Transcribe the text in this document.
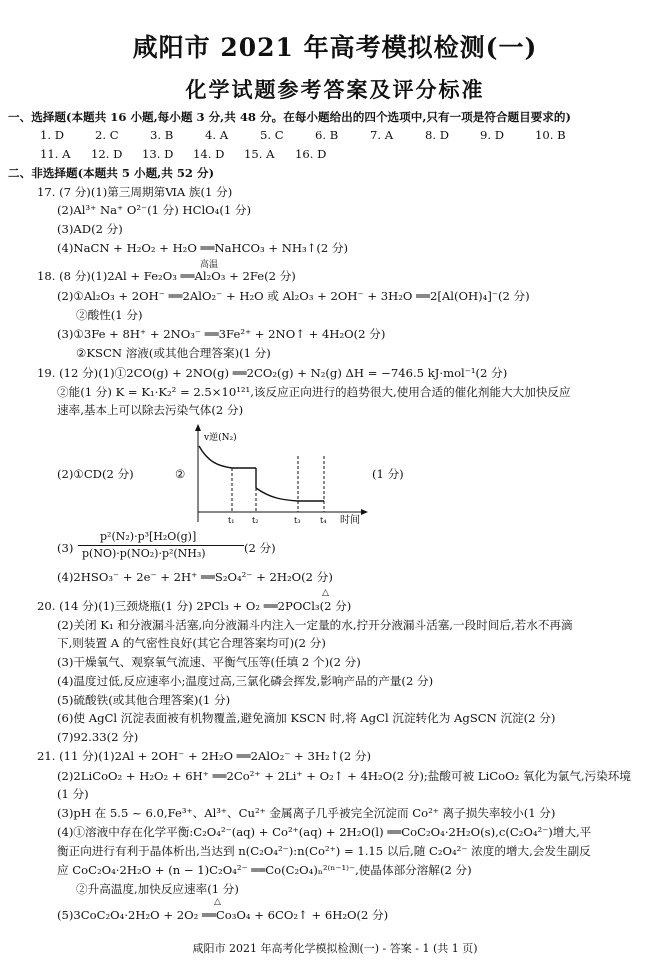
咸阳市 2021 年高考模拟检测(一)
化学试题参考答案及评分标准
一、选择题(本题共 16 小题,每小题 3 分,共 48 分。在每小题给出的四个选项中,只有一项是符合题目要求的)
1. D	2. C	3. B	4. A	5. C	6. B	7. A	8. D	9. D	10. B
11. A 12. D 13. D 14. D 15. A 16. D
二、非选择题(本题共 5 小题,共 52 分)
17. (7 分)(1)第三周期第ⅥA 族(1 分)
(2)Al³⁺ Na⁺ O²⁻(1 分) HClO₄(1 分)
(3)AD(2 分)
(4)NaCN + H₂O₂ + H₂O ══NaHCO₃ + NH₃↑(2 分)
高温
18. (8 分)(1)2Al + Fe₂O₃ ══Al₂O₃ + 2Fe(2 分)
(2)①Al₂O₃ + 2OH⁻ ══2AlO₂⁻ + H₂O 或 Al₂O₃ + 2OH⁻ + 3H₂O ══2[Al(OH)₄]⁻(2 分)
②酸性(1 分)
(3)①3Fe + 8H⁺ + 2NO₃⁻ ══3Fe²⁺ + 2NO↑ + 4H₂O(2 分)
②KSCN 溶液(或其他合理答案)(1 分)
19. (12 分)(1)①2CO(g) + 2NO(g) ══2CO₂(g) + N₂(g) ΔH = −746.5 kJ·mol⁻¹(2 分)
②能(1 分) K = K₁·K₂² = 2.5×10¹²¹,该反应正向进行的趋势很大,使用合适的催化剂能大大加快反应
速率,基本上可以除去污染气体(2 分)
(2)①CD(2 分)	②	(1 分)
v逆(N₂)
t₁ t₂	t₃ t₄ 时间
(3)
p²(N₂)·p³[H₂O(g)]
p(NO)·p(NO₂)·p²(NH₃)	(2 分)
(4)2HSO₃⁻ + 2e⁻ + 2H⁺ ══S₂O₄²⁻ + 2H₂O(2 分)
△
20. (14 分)(1)三颈烧瓶(1 分) 2PCl₃ + O₂ ══2POCl₃(2 分)
(2)关闭 K₁ 和分液漏斗活塞,向分液漏斗内注入一定量的水,拧开分液漏斗活塞,一段时间后,若水不再滴
下,则装置 A 的气密性良好(其它合理答案均可)(2 分)
(3)干燥氧气、观察氧气流速、平衡气压等(任填 2 个)(2 分)
(4)温度过低,反应速率小;温度过高,三氯化磷会挥发,影响产品的产量(2 分)
(5)硫酸铁(或其他合理答案)(1 分)
(6)使 AgCl 沉淀表面被有机物覆盖,避免滴加 KSCN 时,将 AgCl 沉淀转化为 AgSCN 沉淀(2 分)
(7)92.33(2 分)
21. (11 分)(1)2Al + 2OH⁻ + 2H₂O ══2AlO₂⁻ + 3H₂↑(2 分)
(2)2LiCoO₂ + H₂O₂ + 6H⁺ ══2Co²⁺ + 2Li⁺ + O₂↑ + 4H₂O(2 分);盐酸可被 LiCoO₂ 氧化为氯气,污染环境
(1 分)
(3)pH 在 5.5 ~ 6.0,Fe³⁺、Al³⁺、Cu²⁺ 金属离子几乎被完全沉淀而 Co²⁺ 离子损失率较小(1 分)
(4)①溶液中存在化学平衡:C₂O₄²⁻(aq) + Co²⁺(aq) + 2H₂O(l) ══CoC₂O₄·2H₂O(s),c(C₂O₄²⁻)增大,平
衡正向进行有利于晶体析出,当达到 n(C₂O₄²⁻):n(Co²⁺) = 1.15 以后,随 C₂O₄²⁻ 浓度的增大,会发生副反
应 CoC₂O₄·2H₂O + (n − 1)C₂O₄²⁻ ══Co(C₂O₄)ₙ²⁽ⁿ⁻¹⁾⁻,使晶体部分溶解(2 分)
②升高温度,加快反应速率(1 分)
△
(5)3CoC₂O₄·2H₂O + 2O₂ ══Co₃O₄ + 6CO₂↑ + 6H₂O(2 分)
咸阳市 2021 年高考化学模拟检测(一) - 答案 - 1 (共 1 页)
